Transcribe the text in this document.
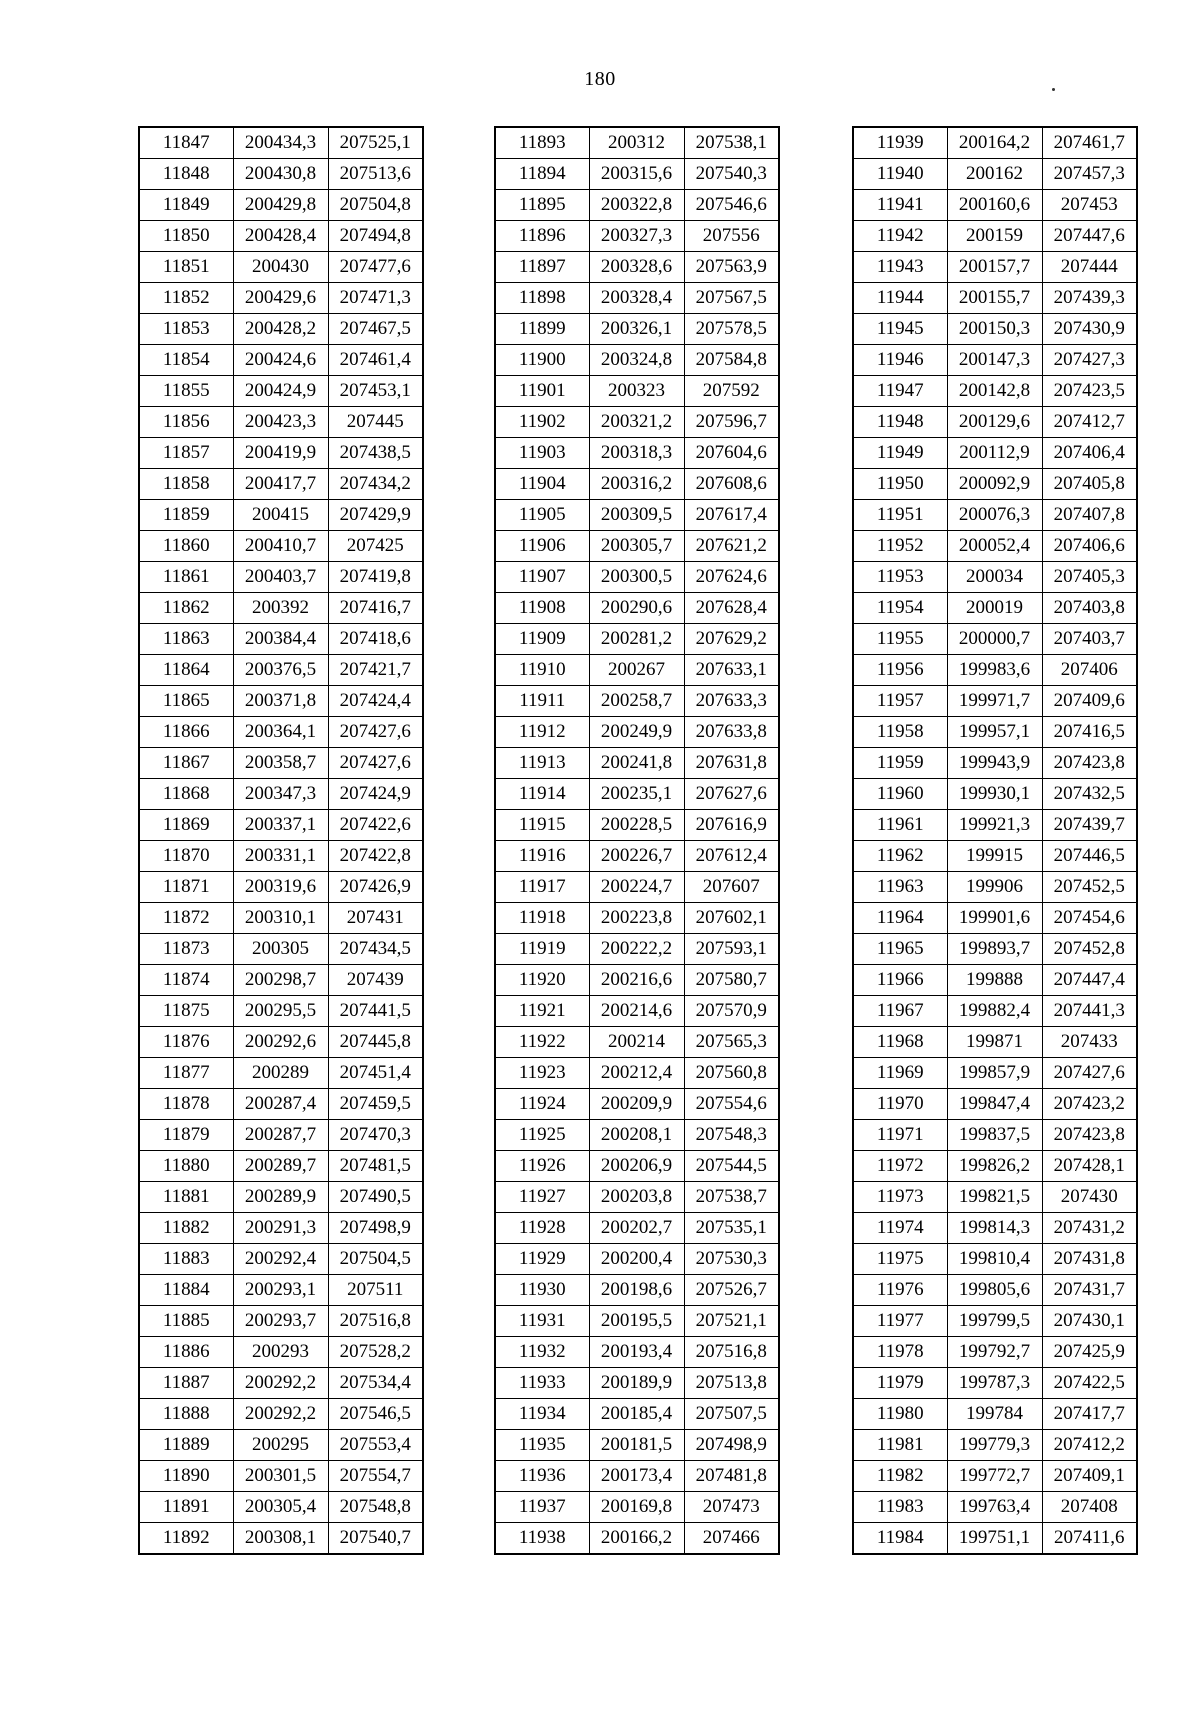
180
11847	200434,3	207525,1
11848	200430,8	207513,6
11849	200429,8	207504,8
11850	200428,4	207494,8
11851	200430	207477,6
11852	200429,6	207471,3
11853	200428,2	207467,5
11854	200424,6	207461,4
11855	200424,9	207453,1
11856	200423,3	207445
11857	200419,9	207438,5
11858	200417,7	207434,2
11859	200415	207429,9
11860	200410,7	207425
11861	200403,7	207419,8
11862	200392	207416,7
11863	200384,4	207418,6
11864	200376,5	207421,7
11865	200371,8	207424,4
11866	200364,1	207427,6
11867	200358,7	207427,6
11868	200347,3	207424,9
11869	200337,1	207422,6
11870	200331,1	207422,8
11871	200319,6	207426,9
11872	200310,1	207431
11873	200305	207434,5
11874	200298,7	207439
11875	200295,5	207441,5
11876	200292,6	207445,8
11877	200289	207451,4
11878	200287,4	207459,5
11879	200287,7	207470,3
11880	200289,7	207481,5
11881	200289,9	207490,5
11882	200291,3	207498,9
11883	200292,4	207504,5
11884	200293,1	207511
11885	200293,7	207516,8
11886	200293	207528,2
11887	200292,2	207534,4
11888	200292,2	207546,5
11889	200295	207553,4
11890	200301,5	207554,7
11891	200305,4	207548,8
11892	200308,1	207540,7
11893	200312	207538,1
11894	200315,6	207540,3
11895	200322,8	207546,6
11896	200327,3	207556
11897	200328,6	207563,9
11898	200328,4	207567,5
11899	200326,1	207578,5
11900	200324,8	207584,8
11901	200323	207592
11902	200321,2	207596,7
11903	200318,3	207604,6
11904	200316,2	207608,6
11905	200309,5	207617,4
11906	200305,7	207621,2
11907	200300,5	207624,6
11908	200290,6	207628,4
11909	200281,2	207629,2
11910	200267	207633,1
11911	200258,7	207633,3
11912	200249,9	207633,8
11913	200241,8	207631,8
11914	200235,1	207627,6
11915	200228,5	207616,9
11916	200226,7	207612,4
11917	200224,7	207607
11918	200223,8	207602,1
11919	200222,2	207593,1
11920	200216,6	207580,7
11921	200214,6	207570,9
11922	200214	207565,3
11923	200212,4	207560,8
11924	200209,9	207554,6
11925	200208,1	207548,3
11926	200206,9	207544,5
11927	200203,8	207538,7
11928	200202,7	207535,1
11929	200200,4	207530,3
11930	200198,6	207526,7
11931	200195,5	207521,1
11932	200193,4	207516,8
11933	200189,9	207513,8
11934	200185,4	207507,5
11935	200181,5	207498,9
11936	200173,4	207481,8
11937	200169,8	207473
11938	200166,2	207466
11939	200164,2	207461,7
11940	200162	207457,3
11941	200160,6	207453
11942	200159	207447,6
11943	200157,7	207444
11944	200155,7	207439,3
11945	200150,3	207430,9
11946	200147,3	207427,3
11947	200142,8	207423,5
11948	200129,6	207412,7
11949	200112,9	207406,4
11950	200092,9	207405,8
11951	200076,3	207407,8
11952	200052,4	207406,6
11953	200034	207405,3
11954	200019	207403,8
11955	200000,7	207403,7
11956	199983,6	207406
11957	199971,7	207409,6
11958	199957,1	207416,5
11959	199943,9	207423,8
11960	199930,1	207432,5
11961	199921,3	207439,7
11962	199915	207446,5
11963	199906	207452,5
11964	199901,6	207454,6
11965	199893,7	207452,8
11966	199888	207447,4
11967	199882,4	207441,3
11968	199871	207433
11969	199857,9	207427,6
11970	199847,4	207423,2
11971	199837,5	207423,8
11972	199826,2	207428,1
11973	199821,5	207430
11974	199814,3	207431,2
11975	199810,4	207431,8
11976	199805,6	207431,7
11977	199799,5	207430,1
11978	199792,7	207425,9
11979	199787,3	207422,5
11980	199784	207417,7
11981	199779,3	207412,2
11982	199772,7	207409,1
11983	199763,4	207408
11984	199751,1	207411,6
